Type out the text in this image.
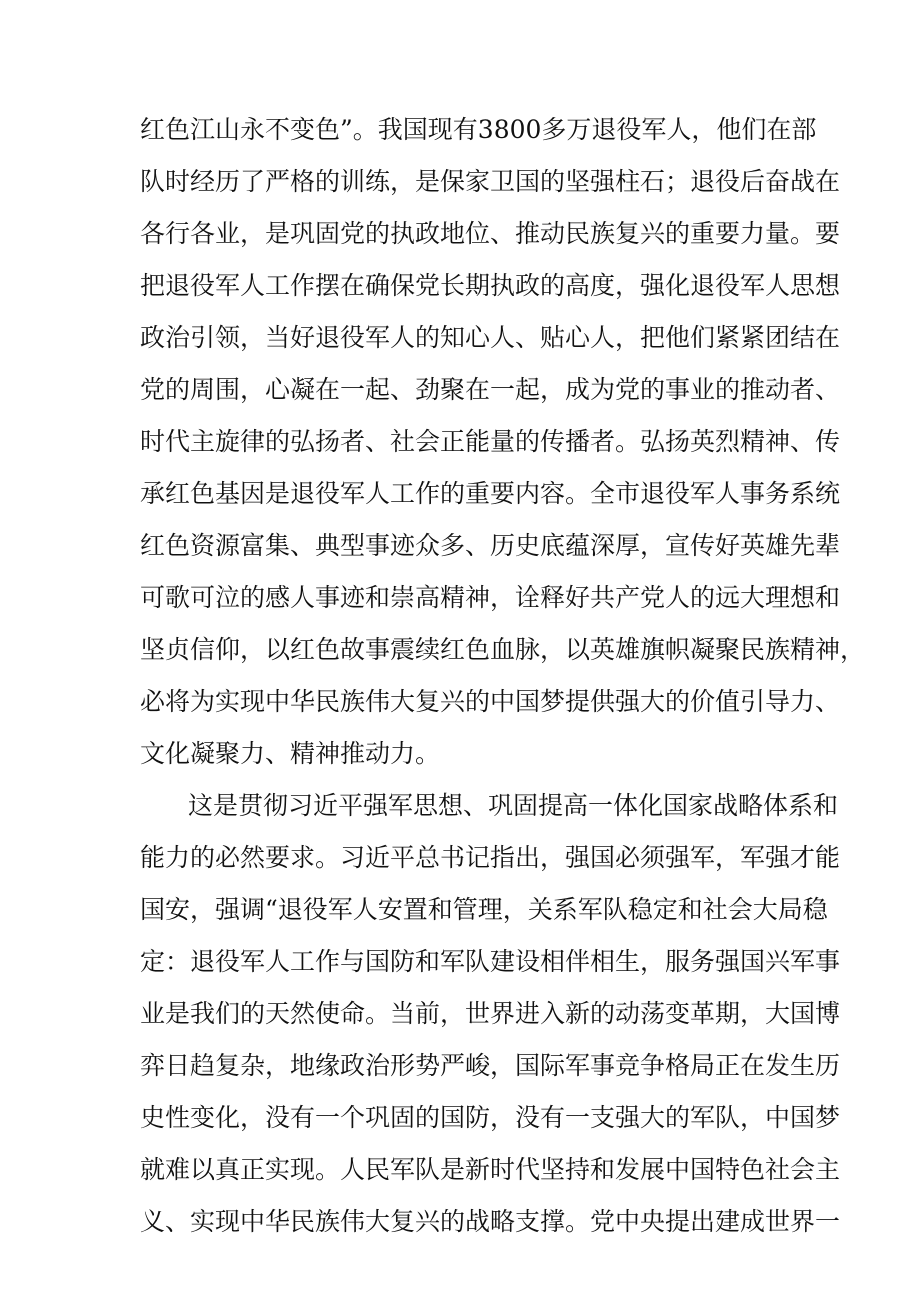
红色江山永不变色”。我国现有3800多万退役军人，他们在部
队时经历了严格的训练，是保家卫国的坚强柱石；退役后奋战在
各行各业，是巩固党的执政地位、推动民族复兴的重要力量。要
把退役军人工作摆在确保党长期执政的高度，强化退役军人思想
政治引领，当好退役军人的知心人、贴心人，把他们紧紧团结在
党的周围，心凝在一起、劲聚在一起，成为党的事业的推动者、
时代主旋律的弘扬者、社会正能量的传播者。弘扬英烈精神、传
承红色基因是退役军人工作的重要内容。全市退役军人事务系统
红色资源富集、典型事迹众多、历史底蕴深厚，宣传好英雄先辈
可歌可泣的感人事迹和崇高精神，诠释好共产党人的远大理想和
坚贞信仰，以红色故事震续红色血脉，以英雄旗帜凝聚民族精神，
必将为实现中华民族伟大复兴的中国梦提供强大的价值引导力、
文化凝聚力、精神推动力。
这是贯彻习近平强军思想、巩固提高一体化国家战略体系和
能力的必然要求。习近平总书记指出，强国必须强军，军强才能
国安，强调“退役军人安置和管理，关系军队稳定和社会大局稳
定：退役军人工作与国防和军队建设相伴相生，服务强国兴军事
业是我们的天然使命。当前，世界进入新的动荡变革期，大国博
弈日趋复杂，地缘政治形势严峻，国际军事竞争格局正在发生历
史性变化，没有一个巩固的国防，没有一支强大的军队，中国梦
就难以真正实现。人民军队是新时代坚持和发展中国特色社会主
义、实现中华民族伟大复兴的战略支撑。党中央提出建成世界一
